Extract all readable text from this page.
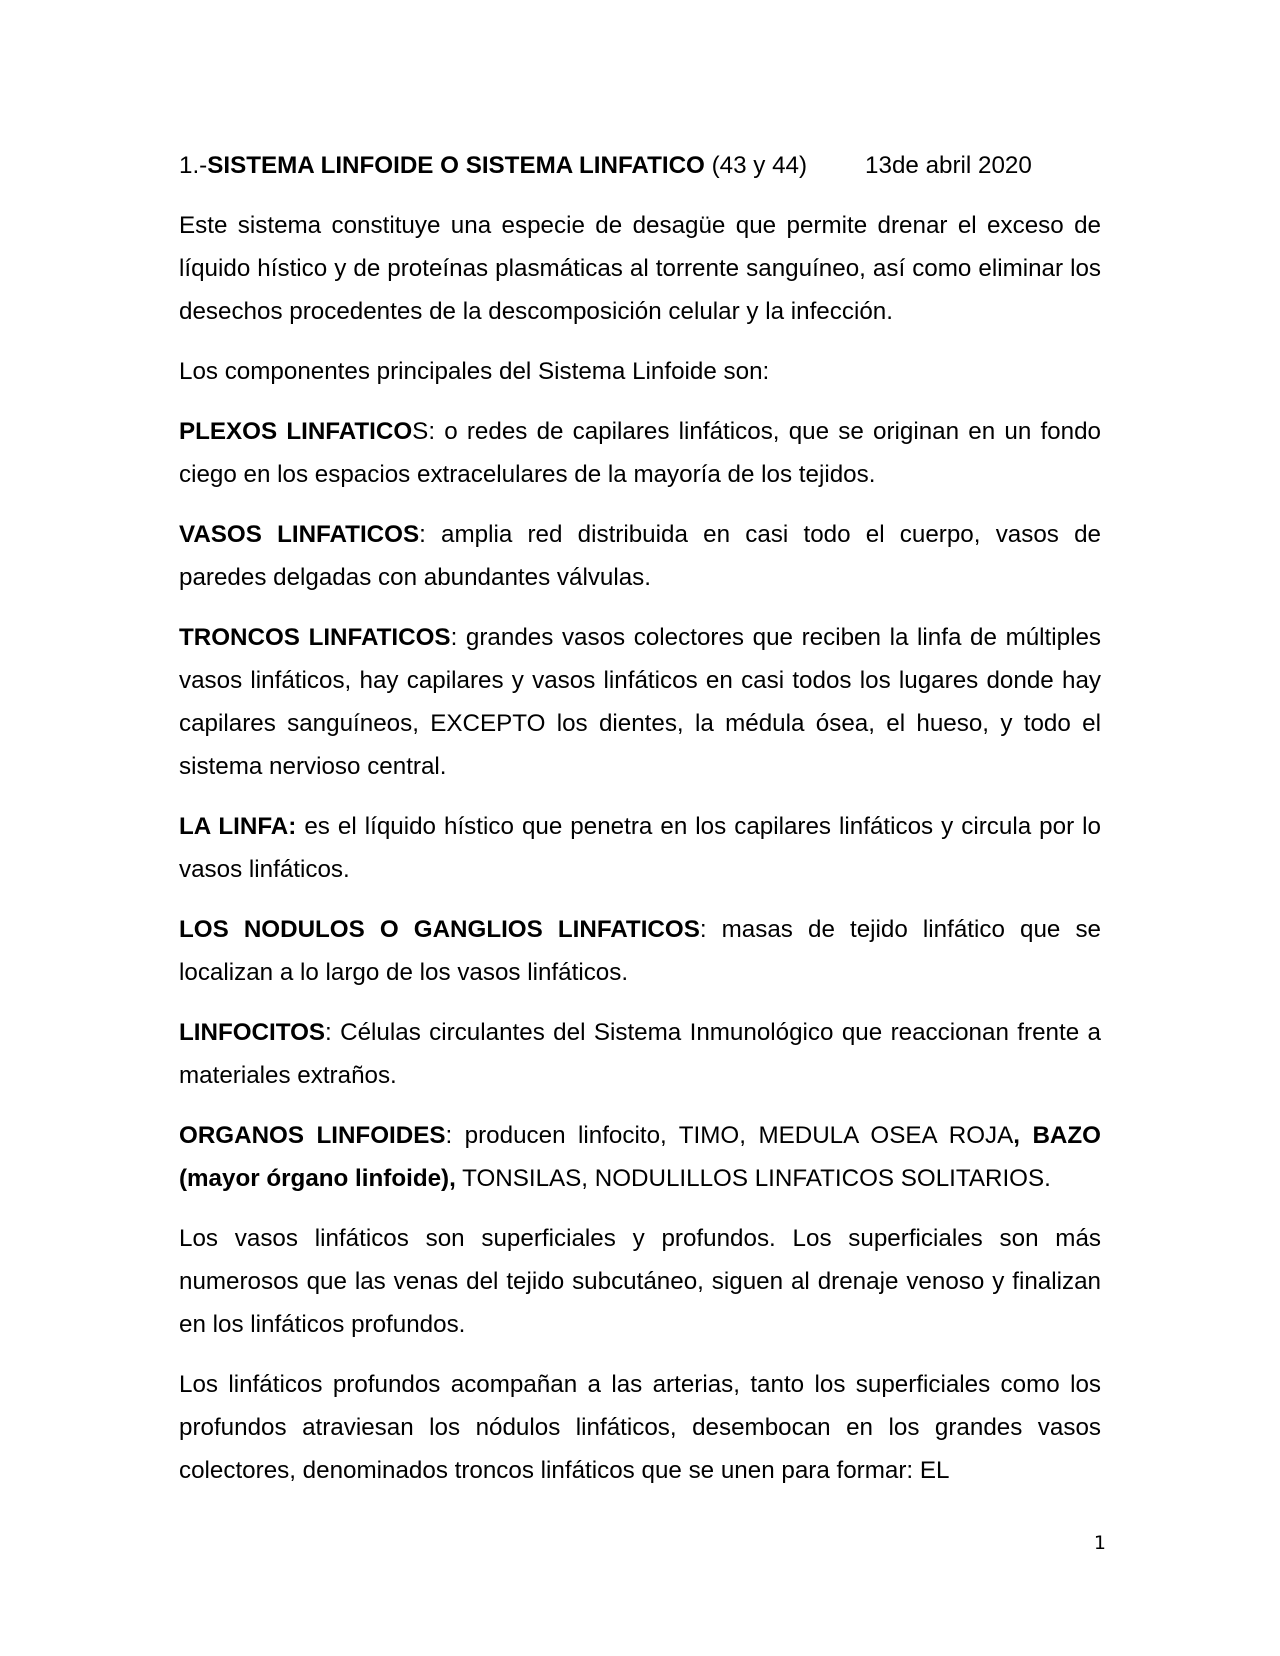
1.-SISTEMA LINFOIDE O SISTEMA LINFATICO (43 y 44) 13de abril 2020

Este sistema constituye una especie de desagüe que permite drenar el exceso de líquido hístico y de proteínas plasmáticas al torrente sanguíneo, así como eliminar los desechos procedentes de la descomposición celular y la infección.

Los componentes principales del Sistema Linfoide son:

PLEXOS LINFATICOS: o redes de capilares linfáticos, que se originan en un fondo ciego en los espacios extracelulares de la mayoría de los tejidos.

VASOS LINFATICOS: amplia red distribuida en casi todo el cuerpo, vasos de paredes delgadas con abundantes válvulas.

TRONCOS LINFATICOS: grandes vasos colectores que reciben la linfa de múltiples vasos linfáticos, hay capilares y vasos linfáticos en casi todos los lugares donde hay capilares sanguíneos, EXCEPTO los dientes, la médula ósea, el hueso, y todo el sistema nervioso central.

LA LINFA: es el líquido hístico que penetra en los capilares linfáticos y circula por lo vasos linfáticos.

LOS NODULOS O GANGLIOS LINFATICOS: masas de tejido linfático que se localizan a lo largo de los vasos linfáticos.

LINFOCITOS: Células circulantes del Sistema Inmunológico que reaccionan frente a materiales extraños.

ORGANOS LINFOIDES: producen linfocito, TIMO, MEDULA OSEA ROJA, BAZO (mayor órgano linfoide), TONSILAS, NODULILLOS LINFATICOS SOLITARIOS.

Los vasos linfáticos son superficiales y profundos. Los superficiales son más numerosos que las venas del tejido subcutáneo, siguen al drenaje venoso y finalizan en los linfáticos profundos.

Los linfáticos profundos acompañan a las arterias, tanto los superficiales como los profundos atraviesan los nódulos linfáticos, desembocan en los grandes vasos colectores, denominados troncos linfáticos que se unen para formar: EL

1
